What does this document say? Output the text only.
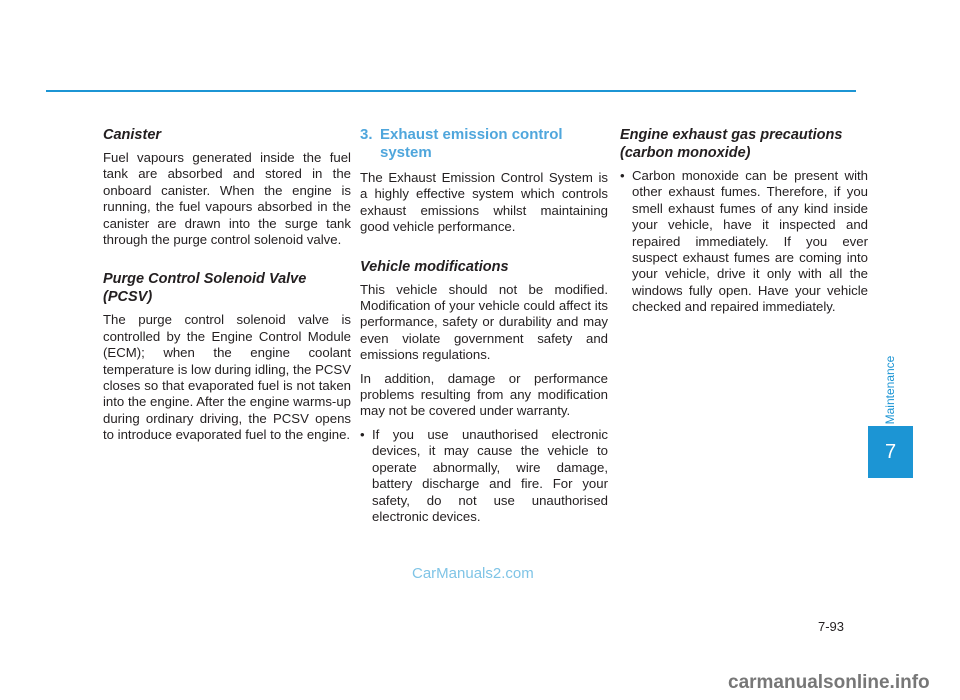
Canister

Fuel vapours generated inside the fuel tank are absorbed and stored in the onboard canister. When the engine is running, the fuel vapours absorbed in the canister are drawn into the surge tank through the purge control solenoid valve.

Purge Control Solenoid Valve
(PCSV)

The purge control solenoid valve is controlled by the Engine Control Module (ECM); when the engine coolant temperature is low during idling, the PCSV closes so that evaporated fuel is not taken into the engine. After the engine warms-up during ordinary driving, the PCSV opens to introduce evaporated fuel to the engine.

3. Exhaust emission control
system

The Exhaust Emission Control System is a highly effective system which controls exhaust emissions whilst maintaining good vehicle performance.

Vehicle modifications

This vehicle should not be modified. Modification of your vehicle could affect its performance, safety or durability and may even violate government safety and emissions regulations.

In addition, damage or performance problems resulting from any modification may not be covered under warranty.

• If you use unauthorised electronic devices, it may cause the vehicle to operate abnormally, wire damage, battery discharge and fire. For your safety, do not use unauthorised electronic devices.
Engine exhaust gas precautions
(carbon monoxide)
• Carbon monoxide can be present with other exhaust fumes. Therefore, if you smell exhaust fumes of any kind inside your vehicle, have it inspected and repaired immediately. If you ever suspect exhaust fumes are coming into your vehicle, drive it only with all the windows fully open. Have your vehicle checked and repaired immediately.
Maintenance
7
7-93
CarManuals2.com
carmanualsonline.info
